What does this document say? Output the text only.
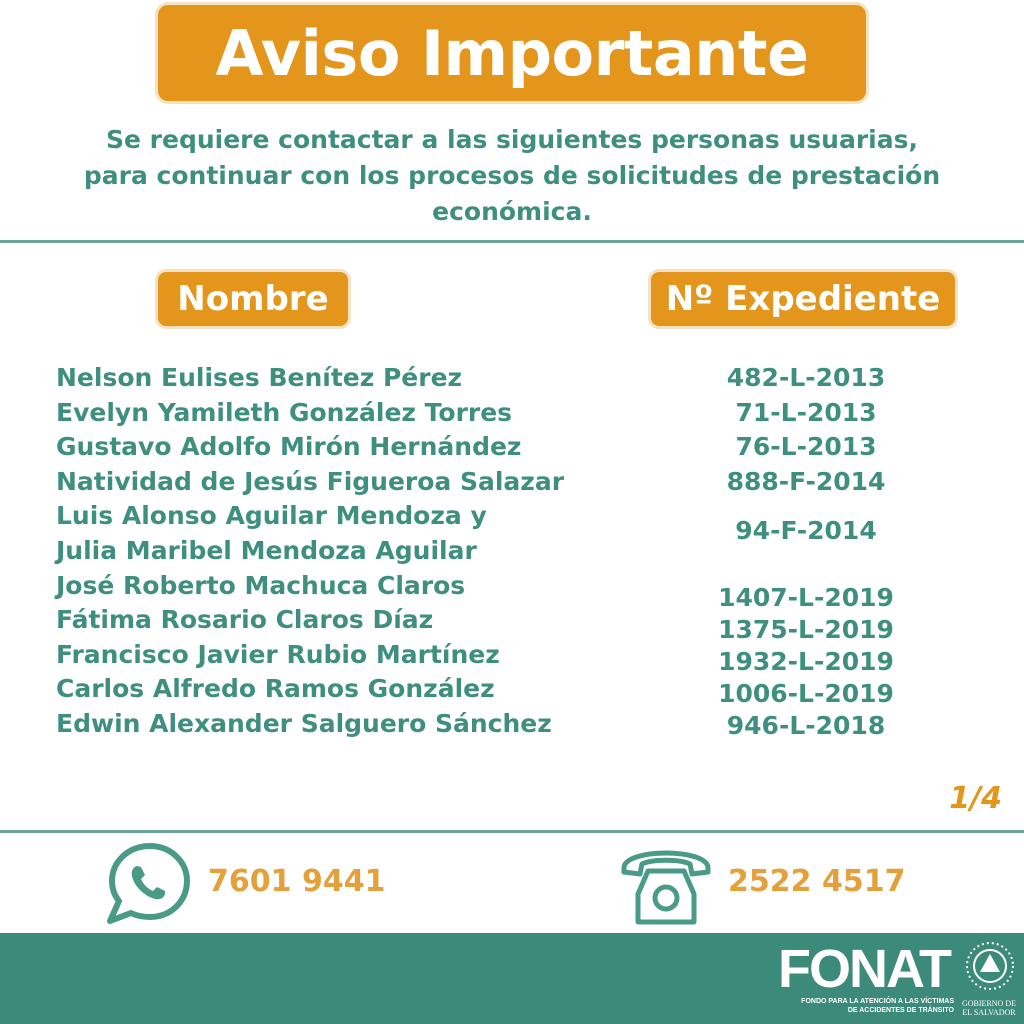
Aviso Importante
Se requiere contactar a las siguientes personas usuarias,
para continuar con los procesos de solicitudes de prestación
económica.
Nombre	Nº Expediente
Nelson Eulises Benítez Pérez
Evelyn Yamileth González Torres
Gustavo Adolfo Mirón Hernández
Natividad de Jesús Figueroa Salazar
Luis Alonso Aguilar Mendoza y
Julia Maribel Mendoza Aguilar
José Roberto Machuca Claros
Fátima Rosario Claros Díaz
Francisco Javier Rubio Martínez
Carlos Alfredo Ramos González
Edwin Alexander Salguero Sánchez
482-L-2013
71-L-2013
76-L-2013
888-F-2014
94-F-2014
1407-L-2019
1375-L-2019
1932-L-2019
1006-L-2019
946-L-2018
1/4
7601 9441	2522 4517
FONAT
FONDO PARA LA ATENCIÓN A LAS VÍCTIMAS
DE ACCIDENTES DE TRÁNSITO
GOBIERNO DE
EL SALVADOR
